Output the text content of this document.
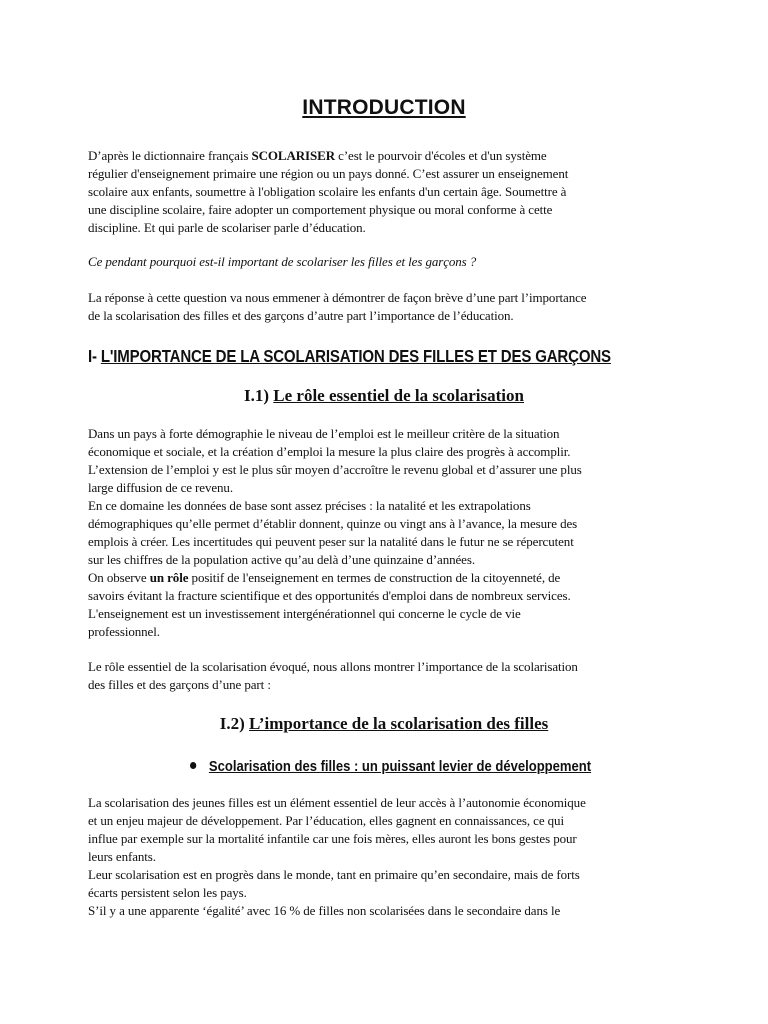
INTRODUCTION
D’après le dictionnaire français SCOLARISER c’est le pourvoir d'écoles et d'un système
régulier d'enseignement primaire une région ou un pays donné. C’est assurer un enseignement
scolaire aux enfants, soumettre à l'obligation scolaire les enfants d'un certain âge. Soumettre à
une discipline scolaire, faire adopter un comportement physique ou moral conforme à cette
discipline. Et qui parle de scolariser parle d’éducation.
Ce pendant pourquoi est-il important de scolariser les filles et les garçons ?
La réponse à cette question va nous emmener à démontrer de façon brève d’une part l’importance
de la scolarisation des filles et des garçons d’autre part l’importance de l’éducation.
I- L'IMPORTANCE DE LA SCOLARISATION DES FILLES ET DES GARÇONS
I.1) Le rôle essentiel de la scolarisation
Dans un pays à forte démographie le niveau de l’emploi est le meilleur critère de la situation
économique et sociale, et la création d’emploi la mesure la plus claire des progrès à accomplir.
L’extension de l’emploi y est le plus sûr moyen d’accroître le revenu global et d’assurer une plus
large diffusion de ce revenu.
En ce domaine les données de base sont assez précises : la natalité et les extrapolations
démographiques qu’elle permet d’établir donnent, quinze ou vingt ans à l’avance, la mesure des
emplois à créer. Les incertitudes qui peuvent peser sur la natalité dans le futur ne se répercutent
sur les chiffres de la population active qu’au delà d’une quinzaine d’années.
On observe un rôle positif de l'enseignement en termes de construction de la citoyenneté, de
savoirs évitant la fracture scientifique et des opportunités d'emploi dans de nombreux services.
L'enseignement est un investissement intergénérationnel qui concerne le cycle de vie
professionnel.
Le rôle essentiel de la scolarisation évoqué, nous allons montrer l’importance de la scolarisation
des filles et des garçons d’une part :
I.2) L’importance de la scolarisation des filles
Scolarisation des filles : un puissant levier de développement
La scolarisation des jeunes filles est un élément essentiel de leur accès à l’autonomie économique
et un enjeu majeur de développement. Par l’éducation, elles gagnent en connaissances, ce qui
influe par exemple sur la mortalité infantile car une fois mères, elles auront les bons gestes pour
leurs enfants.
Leur scolarisation est en progrès dans le monde, tant en primaire qu’en secondaire, mais de forts
écarts persistent selon les pays.
S’il y a une apparente ‘égalité’ avec 16 % de filles non scolarisées dans le secondaire dans le
